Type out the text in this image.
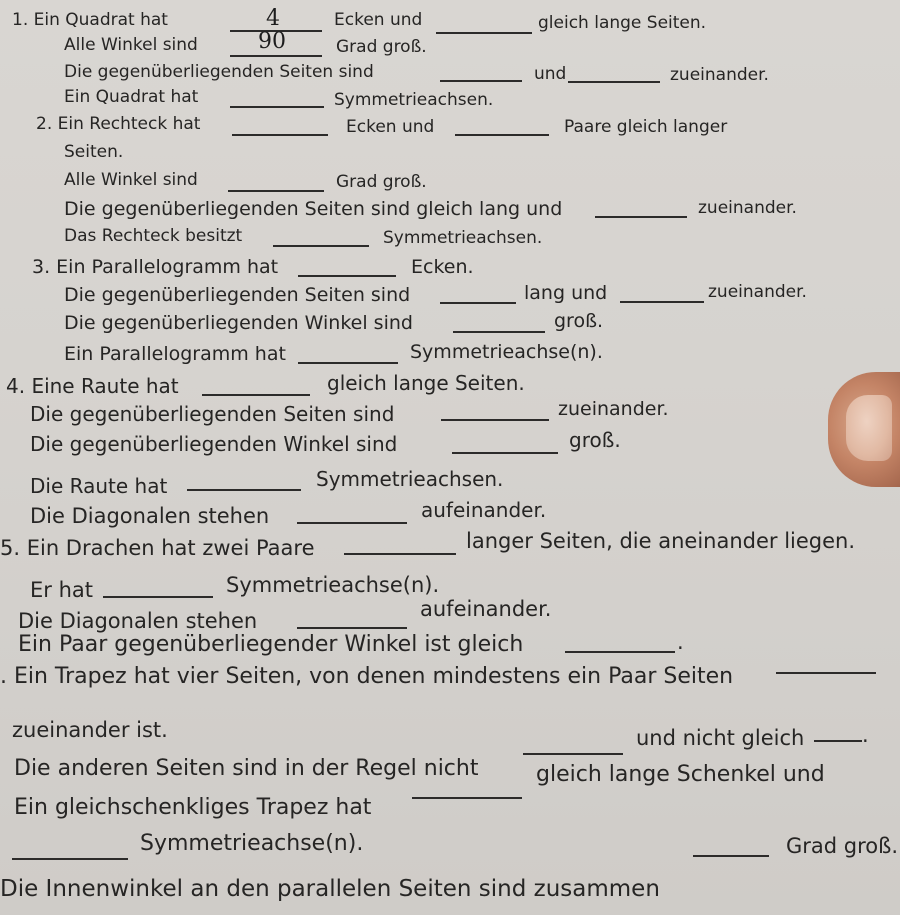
1. Ein Quadrat hat	4	Ecken und	gleich lange Seiten.
Alle Winkel sind	90	Grad groß.
Die gegenüberliegenden Seiten sind	und	zueinander.
Ein Quadrat hat	Symmetrieachsen.
2. Ein Rechteck hat	Ecken und	Paare gleich langer
Seiten.
Alle Winkel sind	Grad groß.
Die gegenüberliegenden Seiten sind gleich lang und	zueinander.
Das Rechteck besitzt	Symmetrieachsen.
3. Ein Parallelogramm hat	Ecken.
Die gegenüberliegenden Seiten sind	lang und	zueinander.
Die gegenüberliegenden Winkel sind	groß.
Ein Parallelogramm hat	Symmetrieachse(n).
4. Eine Raute hat	gleich lange Seiten.
Die gegenüberliegenden Seiten sind	zueinander.
Die gegenüberliegenden Winkel sind	groß.
Die Raute hat	Symmetrieachsen.
Die Diagonalen stehen	aufeinander.
5. Ein Drachen hat zwei Paare	langer Seiten, die aneinander liegen.
Er hat	Symmetrieachse(n).
Die Diagonalen stehen	aufeinander.
Ein Paar gegenüberliegender Winkel ist gleich	.
. Ein Trapez hat vier Seiten, von denen mindestens ein Paar Seiten
zueinander ist.
Die anderen Seiten sind in der Regel nicht
und nicht gleich	.
Ein gleichschenkliges Trapez hat
gleich lange Schenkel und
Symmetrieachse(n).
Die Innenwinkel an den parallelen Seiten sind zusammen
Grad groß.
